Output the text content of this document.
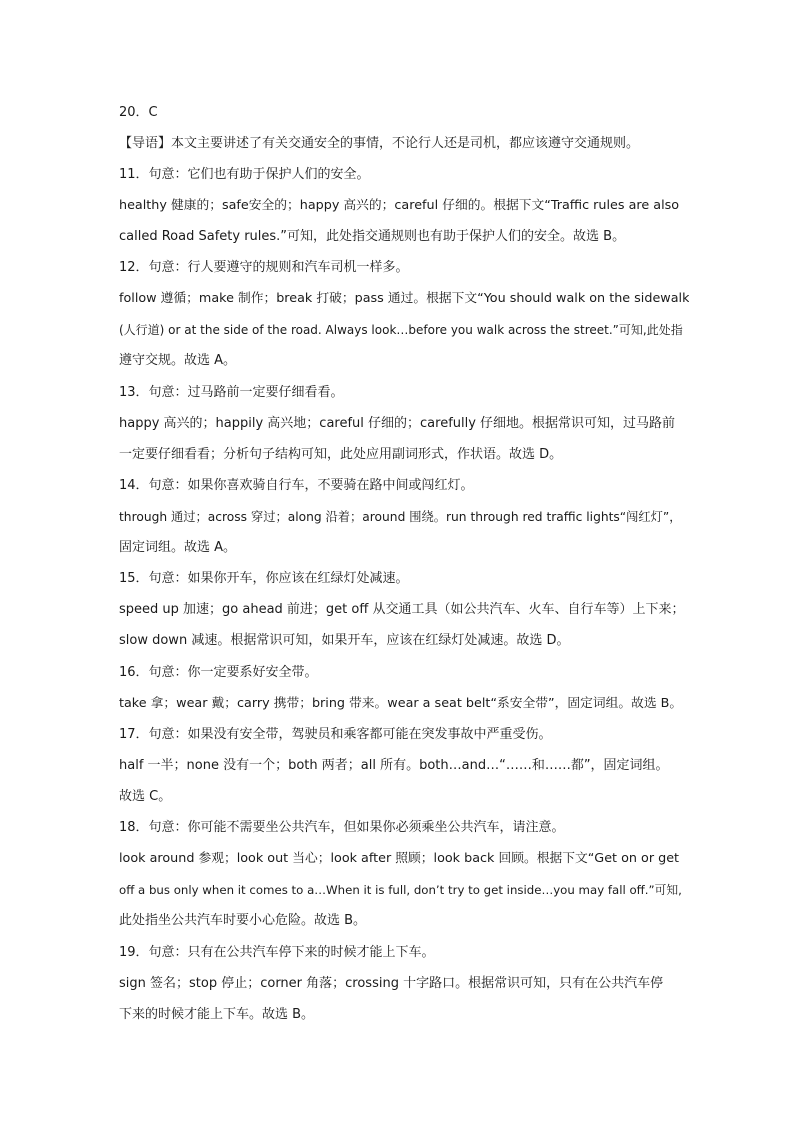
20．C
【导语】本文主要讲述了有关交通安全的事情，不论行人还是司机，都应该遵守交通规则。
11．句意：它们也有助于保护人们的安全。
healthy 健康的；safe安全的；happy 高兴的；careful 仔细的。根据下文“Traffic rules are also
called Road Safety rules.”可知，此处指交通规则也有助于保护人们的安全。故选 B。
12．句意：行人要遵守的规则和汽车司机一样多。
follow 遵循；make 制作；break 打破；pass 通过。根据下文“You should walk on the sidewalk
(人行道) or at the side of the road. Always look…before you walk across the street.”可知,此处指
遵守交规。故选 A。
13．句意：过马路前一定要仔细看看。
happy 高兴的；happily 高兴地；careful 仔细的；carefully 仔细地。根据常识可知，过马路前
一定要仔细看看；分析句子结构可知，此处应用副词形式，作状语。故选 D。
14．句意：如果你喜欢骑自行车，不要骑在路中间或闯红灯。
through 通过；across 穿过；along 沿着；around 围绕。run through red traffic lights“闯红灯”，
固定词组。故选 A。
15．句意：如果你开车，你应该在红绿灯处减速。
speed up 加速；go ahead 前进；get off 从交通工具（如公共汽车、火车、自行车等）上下来；
slow down 减速。根据常识可知，如果开车，应该在红绿灯处减速。故选 D。
16．句意：你一定要系好安全带。
take 拿；wear 戴；carry 携带；bring 带来。wear a seat belt“系安全带”，固定词组。故选 B。
17．句意：如果没有安全带，驾驶员和乘客都可能在突发事故中严重受伤。
half 一半；none 没有一个；both 两者；all 所有。both…and…“……和……都”，固定词组。
故选 C。
18．句意：你可能不需要坐公共汽车，但如果你必须乘坐公共汽车，请注意。
look around 参观；look out 当心；look after 照顾；look back 回顾。根据下文“Get on or get
off a bus only when it comes to a…When it is full, don’t try to get inside…you may fall off.”可知,
此处指坐公共汽车时要小心危险。故选 B。
19．句意：只有在公共汽车停下来的时候才能上下车。
sign 签名；stop 停止；corner 角落；crossing 十字路口。根据常识可知，只有在公共汽车停
下来的时候才能上下车。故选 B。
